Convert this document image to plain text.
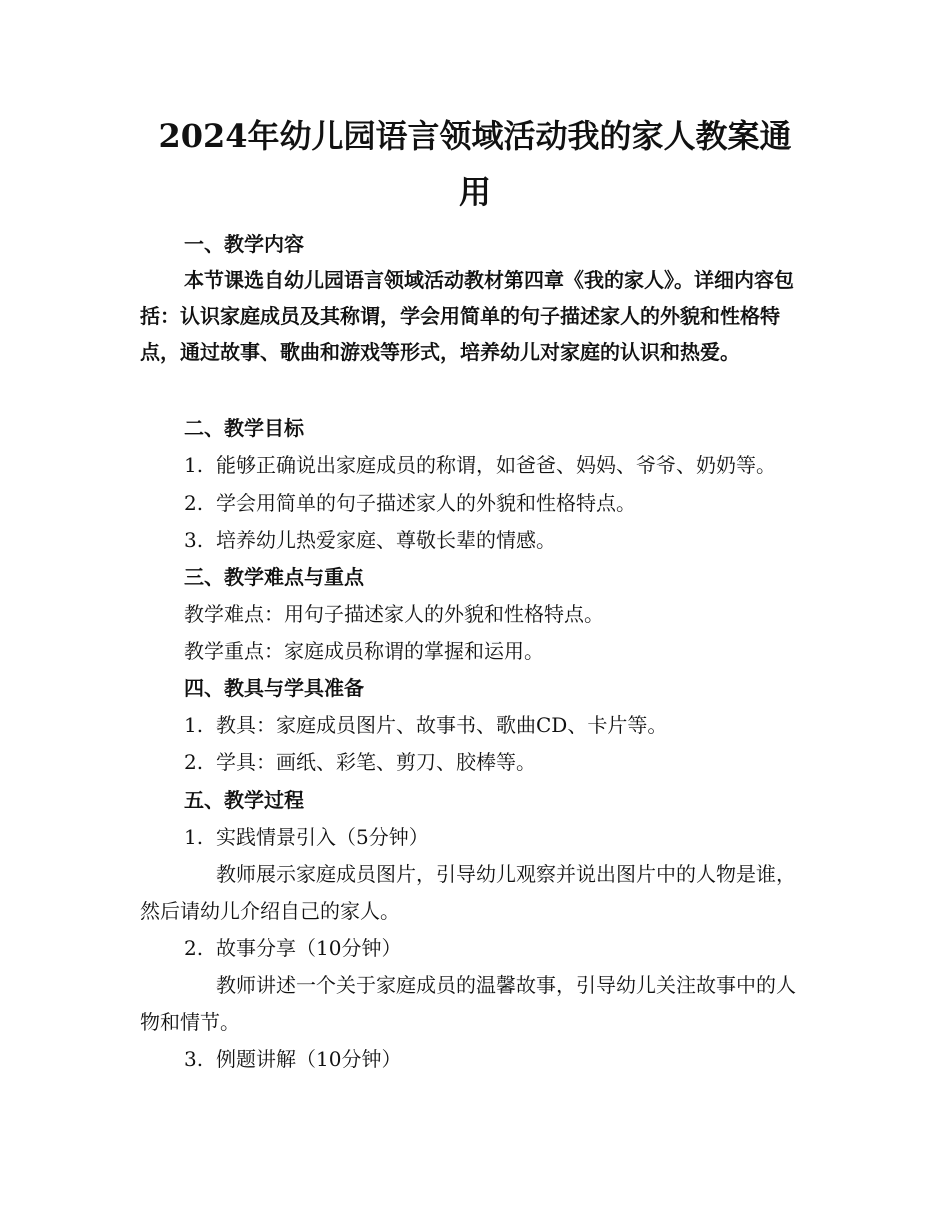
2024年幼儿园语言领域活动我的家人教案通
用
一、教学内容
本节课选自幼儿园语言领域活动教材第四章《我的家人》。详细内容包括：认识家庭成员及其称谓，学会用简单的句子描述家人的外貌和性格特点，通过故事、歌曲和游戏等形式，培养幼儿对家庭的认识和热爱。
二、教学目标
1. 能够正确说出家庭成员的称谓，如爸爸、妈妈、爷爷、奶奶等。
2. 学会用简单的句子描述家人的外貌和性格特点。
3. 培养幼儿热爱家庭、尊敬长辈的情感。
三、教学难点与重点
教学难点：用句子描述家人的外貌和性格特点。
教学重点：家庭成员称谓的掌握和运用。
四、教具与学具准备
1. 教具：家庭成员图片、故事书、歌曲CD、卡片等。
2. 学具：画纸、彩笔、剪刀、胶棒等。
五、教学过程
1. 实践情景引入（5分钟）
教师展示家庭成员图片，引导幼儿观察并说出图片中的人物是谁，然后请幼儿介绍自己的家人。
2. 故事分享（10分钟）
教师讲述一个关于家庭成员的温馨故事，引导幼儿关注故事中的人物和情节。
3. 例题讲解（10分钟）
